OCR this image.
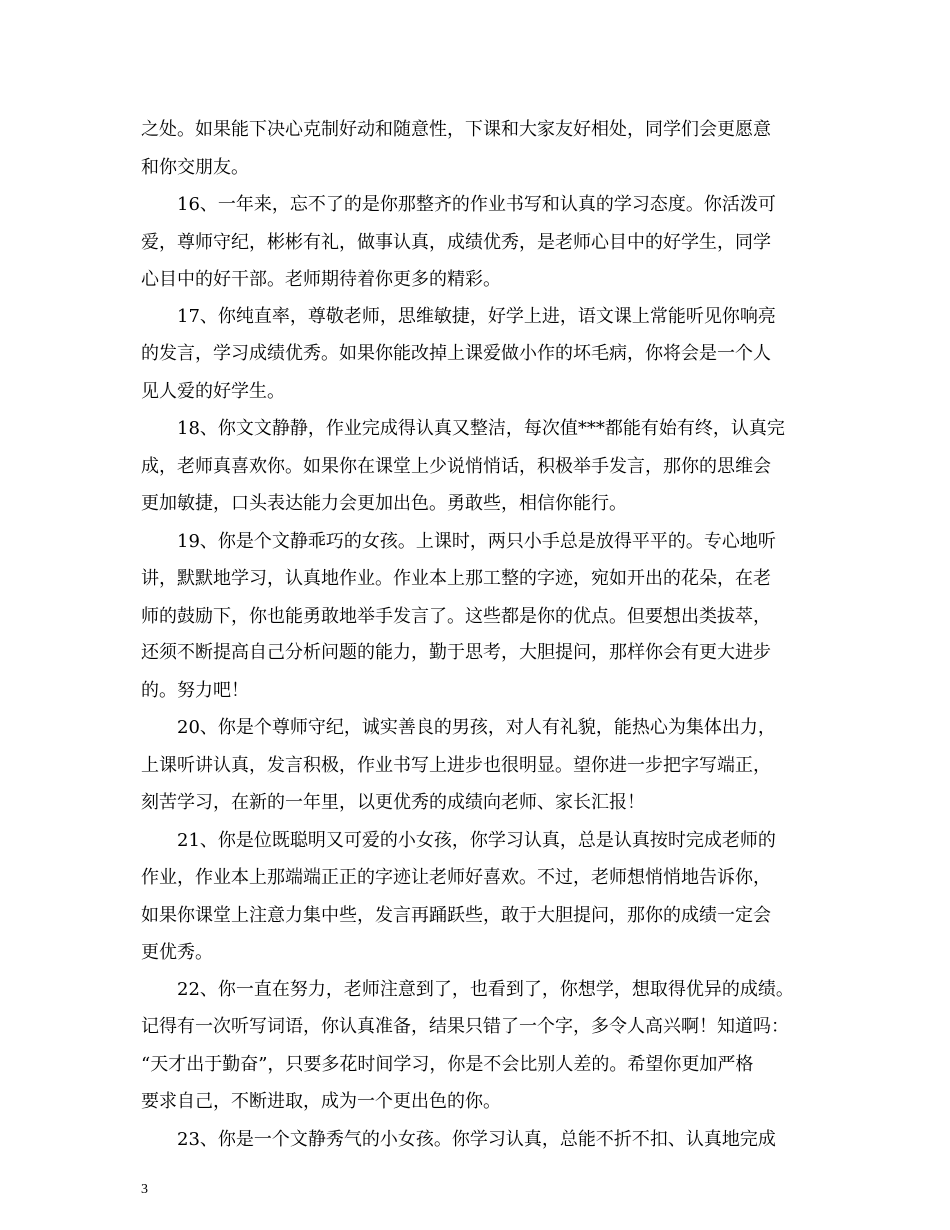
之处。如果能下决心克制好动和随意性，下课和大家友好相处，同学们会更愿意
和你交朋友。
16、一年来，忘不了的是你那整齐的作业书写和认真的学习态度。你活泼可
爱，尊师守纪，彬彬有礼，做事认真，成绩优秀，是老师心目中的好学生，同学
心目中的好干部。老师期待着你更多的精彩。
17、你纯直率，尊敬老师，思维敏捷，好学上进，语文课上常能听见你响亮
的发言，学习成绩优秀。如果你能改掉上课爱做小作的坏毛病，你将会是一个人
见人爱的好学生。
18、你文文静静，作业完成得认真又整洁，每次值***都能有始有终，认真完
成，老师真喜欢你。如果你在课堂上少说悄悄话，积极举手发言，那你的思维会
更加敏捷，口头表达能力会更加出色。勇敢些，相信你能行。
19、你是个文静乖巧的女孩。上课时，两只小手总是放得平平的。专心地听
讲，默默地学习，认真地作业。作业本上那工整的字迹，宛如开出的花朵，在老
师的鼓励下，你也能勇敢地举手发言了。这些都是你的优点。但要想出类拔萃，
还须不断提高自己分析问题的能力，勤于思考，大胆提问，那样你会有更大进步
的。努力吧！
20、你是个尊师守纪，诚实善良的男孩，对人有礼貌，能热心为集体出力，
上课听讲认真，发言积极，作业书写上进步也很明显。望你进一步把字写端正，
刻苦学习，在新的一年里，以更优秀的成绩向老师、家长汇报！
21、你是位既聪明又可爱的小女孩，你学习认真，总是认真按时完成老师的
作业，作业本上那端端正正的字迹让老师好喜欢。不过，老师想悄悄地告诉你，
如果你课堂上注意力集中些，发言再踊跃些，敢于大胆提问，那你的成绩一定会
更优秀。
22、你一直在努力，老师注意到了，也看到了，你想学，想取得优异的成绩。
记得有一次听写词语，你认真准备，结果只错了一个字，多令人高兴啊！知道吗：
“天才出于勤奋”，只要多花时间学习，你是不会比别人差的。希望你更加严格
要求自己，不断进取，成为一个更出色的你。
23、你是一个文静秀气的小女孩。你学习认真，总能不折不扣、认真地完成
3
